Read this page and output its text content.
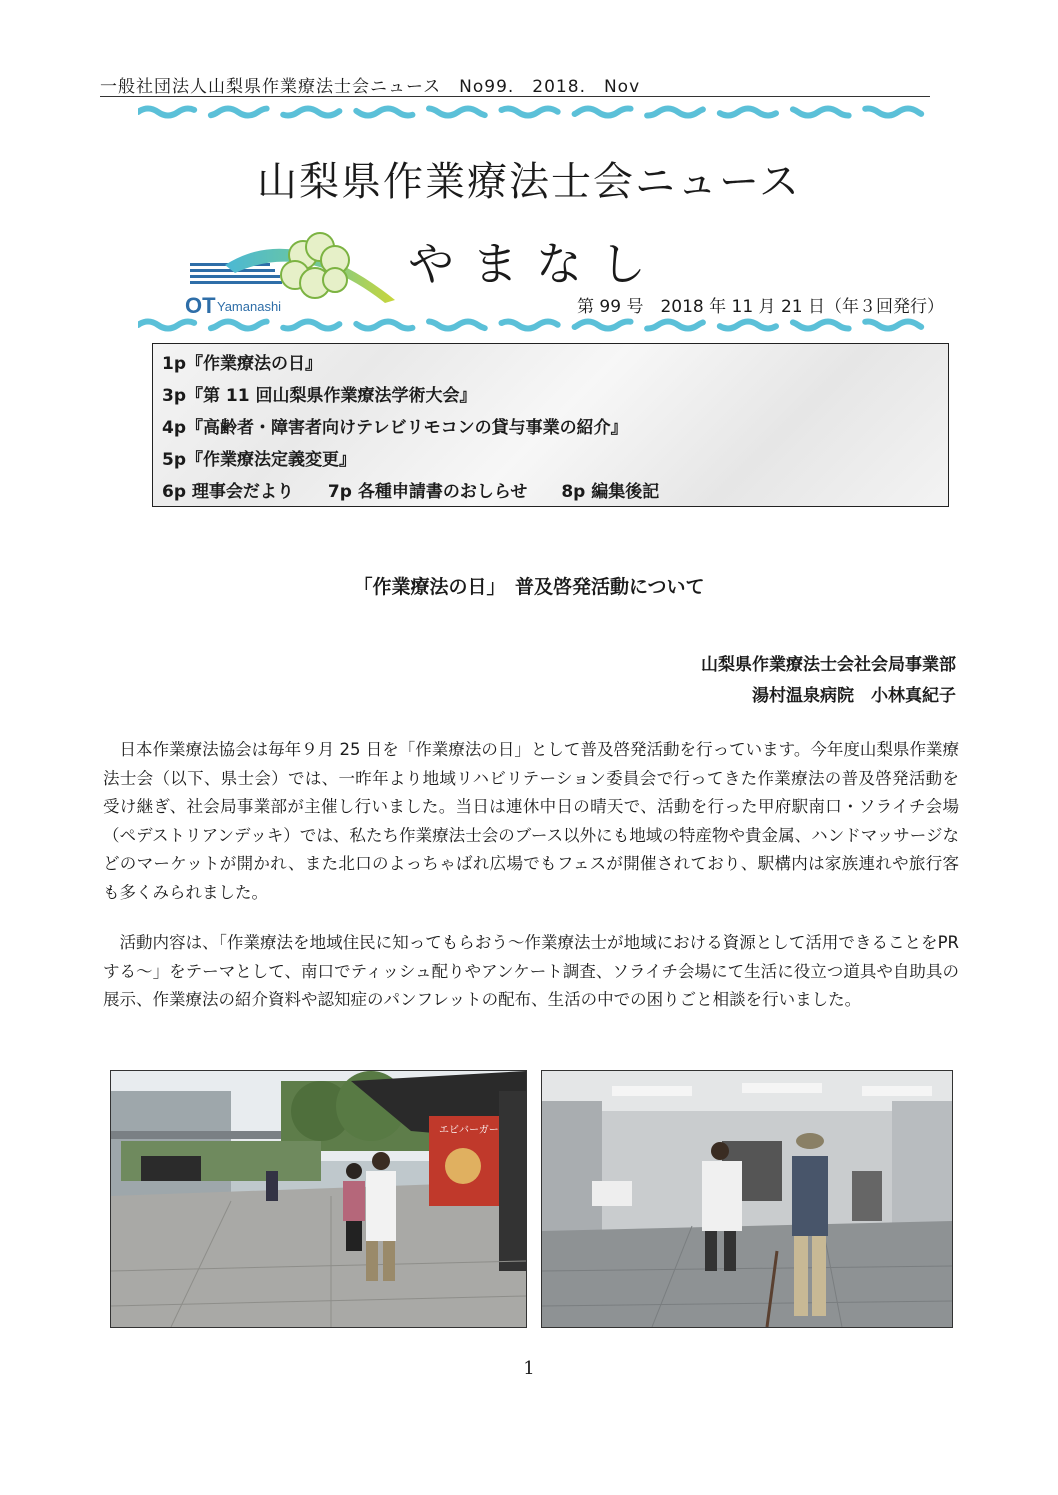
一般社団法人山梨県作業療法士会ニュース　No99.　2018.　Nov
山梨県作業療法士会ニュース
OT Yamanashi
やまなし
第 99 号　2018 年 11 月 21 日（年３回発行）
1p『作業療法の日』
3p『第 11 回山梨県作業療法学術大会』
4p『高齢者・障害者向けテレビリモコンの貸与事業の紹介』
5p『作業療法定義変更』
6p 理事会だより　　7p 各種申請書のおしらせ　　8p 編集後記
「作業療法の日」　普及啓発活動について
山梨県作業療法士会社会局事業部
湯村温泉病院　小林真紀子

日本作業療法協会は毎年９月 25 日を「作業療法の日」として普及啓発活動を行っています。今年度山梨県作業療法士会（以下、県士会）では、一昨年より地域リハビリテーション委員会で行ってきた作業療法の普及啓発活動を受け継ぎ、社会局事業部が主催し行いました。当日は連休中日の晴天で、活動を行った甲府駅南口・ソライチ会場（ペデストリアンデッキ）では、私たち作業療法士会のブース以外にも地域の特産物や貴金属、ハンドマッサージなどのマーケットが開かれ、また北口のよっちゃばれ広場でもフェスが開催されており、駅構内は家族連れや旅行客も多くみられました。

活動内容は、「作業療法を地域住民に知ってもらおう～作業療法士が地域における資源として活用できることをPRする～」をテーマとして、南口でティッシュ配りやアンケート調査、ソライチ会場にて生活に役立つ道具や自助具の展示、作業療法の紹介資料や認知症のパンフレットの配布、生活の中での困りごと相談を行いました。

エビバーガー
1
